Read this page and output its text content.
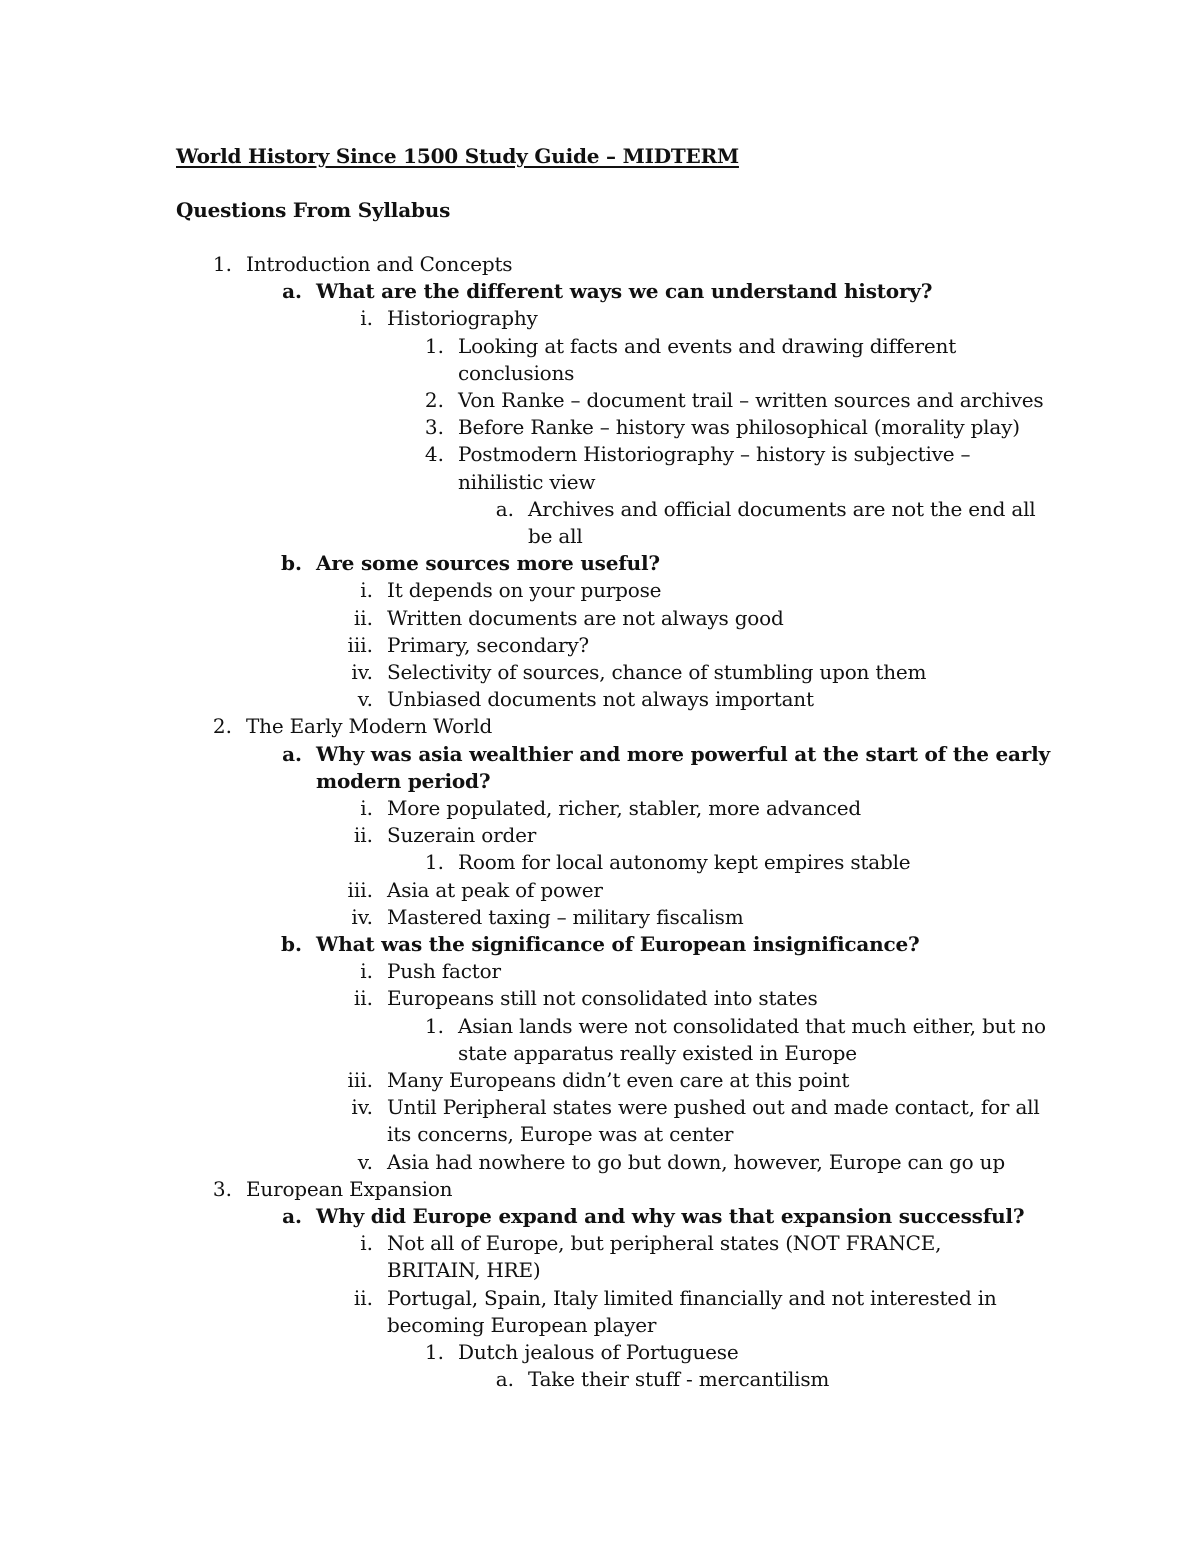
World History Since 1500 Study Guide – MIDTERM
Questions From Syllabus
1. Introduction and Concepts
a. What are the different ways we can understand history?
i. Historiography
1. Looking at facts and events and drawing different
conclusions
2. Von Ranke – document trail – written sources and archives
3. Before Ranke – history was philosophical (morality play)
4. Postmodern Historiography – history is subjective –
nihilistic view
a. Archives and official documents are not the end all
be all
b. Are some sources more useful?
i. It depends on your purpose
ii. Written documents are not always good
iii. Primary, secondary?
iv. Selectivity of sources, chance of stumbling upon them
v. Unbiased documents not always important
2. The Early Modern World
a. Why was asia wealthier and more powerful at the start of the early
modern period?
i. More populated, richer, stabler, more advanced
ii. Suzerain order
1. Room for local autonomy kept empires stable
iii. Asia at peak of power
iv. Mastered taxing – military fiscalism
b. What was the significance of European insignificance?
i. Push factor
ii. Europeans still not consolidated into states
1. Asian lands were not consolidated that much either, but no
state apparatus really existed in Europe
iii. Many Europeans didn’t even care at this point
iv. Until Peripheral states were pushed out and made contact, for all
its concerns, Europe was at center
v. Asia had nowhere to go but down, however, Europe can go up
3. European Expansion
a. Why did Europe expand and why was that expansion successful?
i. Not all of Europe, but peripheral states (NOT FRANCE,
BRITAIN, HRE)
ii. Portugal, Spain, Italy limited financially and not interested in
becoming European player
1. Dutch jealous of Portuguese
a. Take their stuff - mercantilism
